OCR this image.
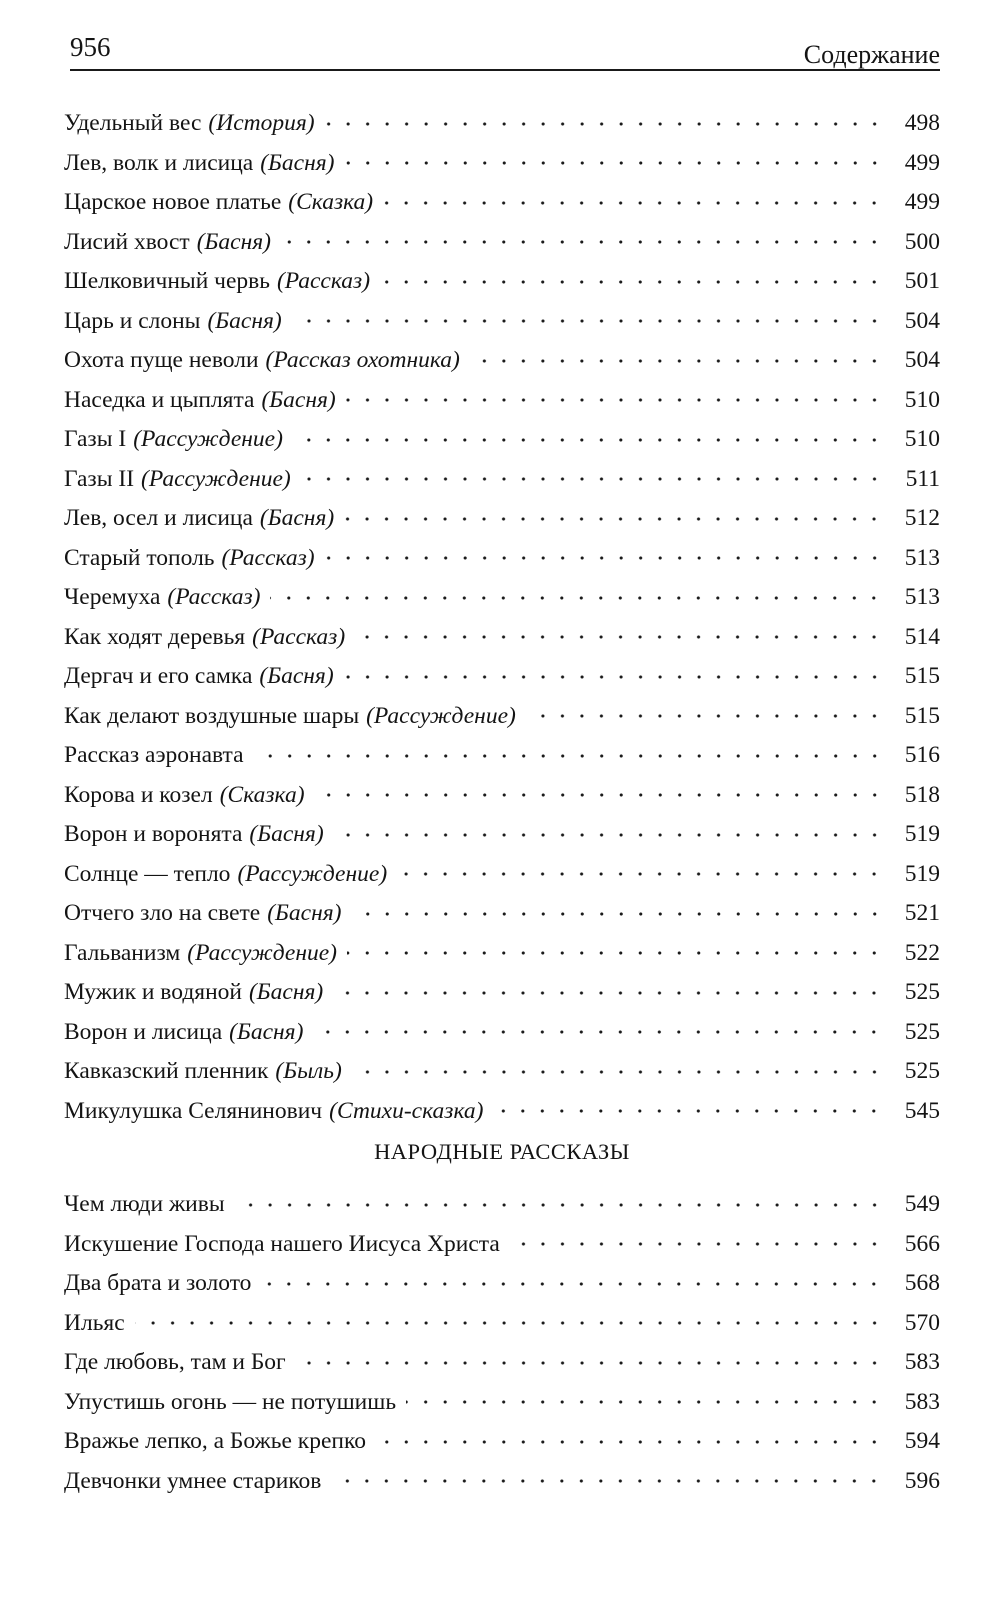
956	Содержание
Удельный вес (История)	498
Лев, волк и лисица (Басня)	499
Царское новое платье (Сказка)	499
Лисий хвост (Басня)	500
Шелковичный червь (Рассказ)	501
Царь и слоны (Басня)	504
Охота пуще неволи (Рассказ охотника)	504
Наседка и цыплята (Басня)	510
Газы I (Рассуждение)	510
Газы II (Рассуждение)	511
Лев, осел и лисица (Басня)	512
Старый тополь (Рассказ)	513
Черемуха (Рассказ)	513
Как ходят деревья (Рассказ)	514
Дергач и его самка (Басня)	515
Как делают воздушные шары (Рассуждение)	515
Рассказ аэронавта	516
Корова и козел (Сказка)	518
Ворон и воронята (Басня)	519
Солнце — тепло (Рассуждение)	519
Отчего зло на свете (Басня)	521
Гальванизм (Рассуждение)	522
Мужик и водяной (Басня)	525
Ворон и лисица (Басня)	525
Кавказский пленник (Быль)	525
Микулушка Селянинович (Стихи-сказка)	545
НАРОДНЫЕ РАССКАЗЫ
Чем люди живы	549
Искушение Господа нашего Иисуса Христа	566
Два брата и золото	568
Ильяс	570
Где любовь, там и Бог	583
Упустишь огонь — не потушишь	583
Вражье лепко, а Божье крепко	594
Девчонки умнее стариков	596
